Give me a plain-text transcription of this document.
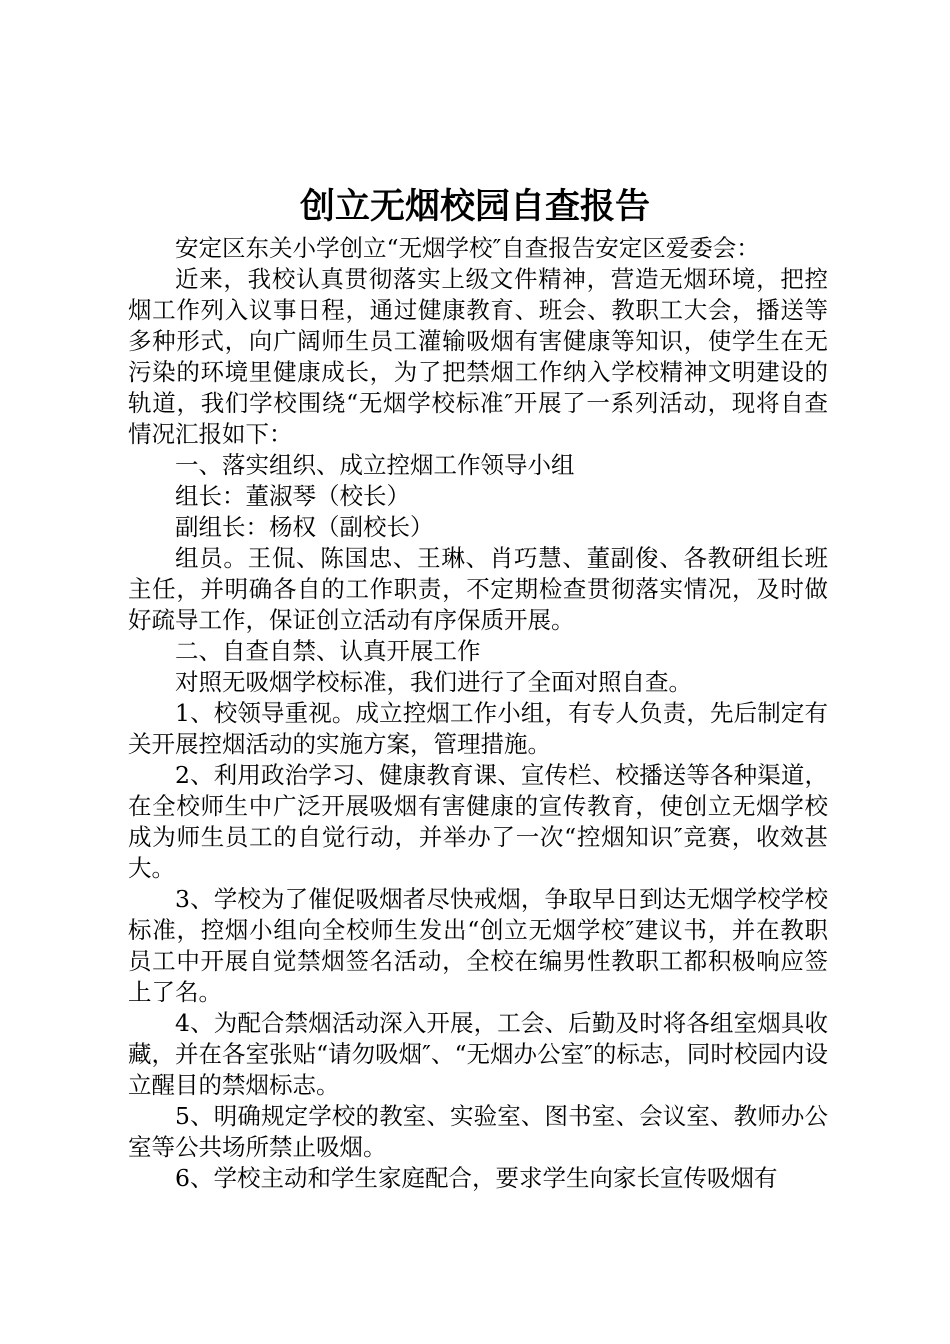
创立无烟校园自查报告

安定区东关小学创立“无烟学校″自查报告安定区爱委会：

近来，我校认真贯彻落实上级文件精神，营造无烟环境，把控烟工作列入议事日程，通过健康教育、班会、教职工大会，播送等多种形式，向广阔师生员工灌输吸烟有害健康等知识，使学生在无污染的环境里健康成长，为了把禁烟工作纳入学校精神文明建设的轨道，我们学校围绕“无烟学校标准″开展了一系列活动，现将自查情况汇报如下：

一、落实组织、成立控烟工作领导小组

组长：董淑琴（校长）

副组长：杨权（副校长）

组员。王侃、陈国忠、王琳、肖巧慧、董副俊、各教研组长班主任，并明确各自的工作职责，不定期检查贯彻落实情况，及时做好疏导工作，保证创立活动有序保质开展。

二、自查自禁、认真开展工作

对照无吸烟学校标准，我们进行了全面对照自查。

1、校领导重视。成立控烟工作小组，有专人负责，先后制定有关开展控烟活动的实施方案，管理措施。

2、利用政治学习、健康教育课、宣传栏、校播送等各种渠道，在全校师生中广泛开展吸烟有害健康的宣传教育，使创立无烟学校成为师生员工的自觉行动，并举办了一次“控烟知识″竞赛，收效甚大。

3、学校为了催促吸烟者尽快戒烟，争取早日到达无烟学校学校标准，控烟小组向全校师生发出“创立无烟学校″建议书，并在教职员工中开展自觉禁烟签名活动，全校在编男性教职工都积极响应签上了名。

4、为配合禁烟活动深入开展，工会、后勤及时将各组室烟具收藏，并在各室张贴“请勿吸烟″、“无烟办公室″的标志，同时校园内设立醒目的禁烟标志。

5、明确规定学校的教室、实验室、图书室、会议室、教师办公室等公共场所禁止吸烟。

6、学校主动和学生家庭配合，要求学生向家长宣传吸烟有
